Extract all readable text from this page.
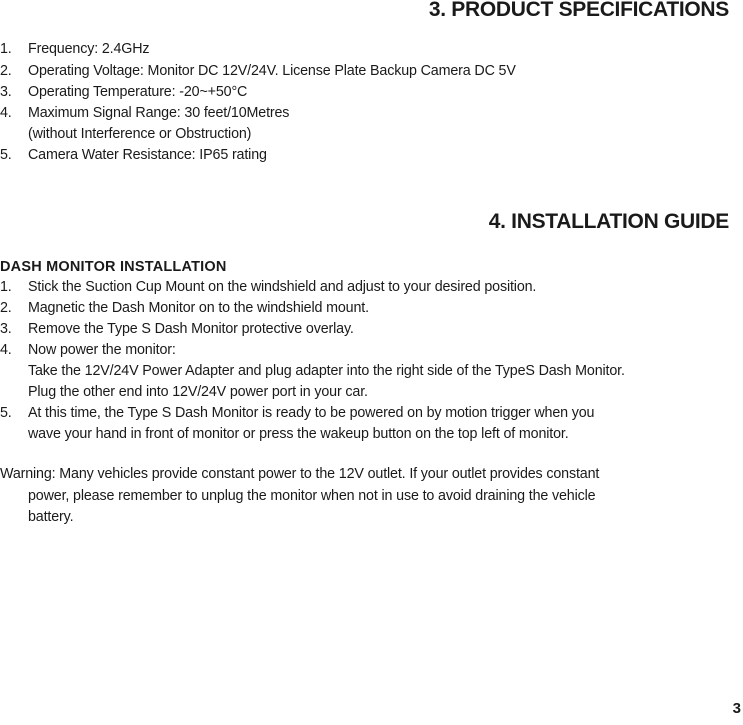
3. PRODUCT SPECIFICATIONS
1. Frequency: 2.4GHz
2. Operating Voltage: Monitor DC 12V/24V. License Plate Backup Camera DC 5V
3. Operating Temperature: -20~+50°C
4. Maximum Signal Range: 30 feet/10Metres
(without Interference or Obstruction)
5. Camera Water Resistance: IP65 rating
4. INSTALLATION GUIDE
DASH MONITOR INSTALLATION
1. Stick the Suction Cup Mount on the windshield and adjust to your desired position.
2. Magnetic the Dash Monitor on to the windshield mount.
3. Remove the Type S Dash Monitor protective overlay.
4. Now power the monitor:
Take the 12V/24V Power Adapter and plug adapter into the right side of the TypeS Dash Monitor.
Plug the other end into 12V/24V power port in your car.
5. At this time, the Type S Dash Monitor is ready to be powered on by motion trigger when you
wave your hand in front of monitor or press the wakeup button on the top left of monitor.
Warning: Many vehicles provide constant power to the 12V outlet. If your outlet provides constant
power, please remember to unplug the monitor when not in use to avoid draining the vehicle
battery.
3
